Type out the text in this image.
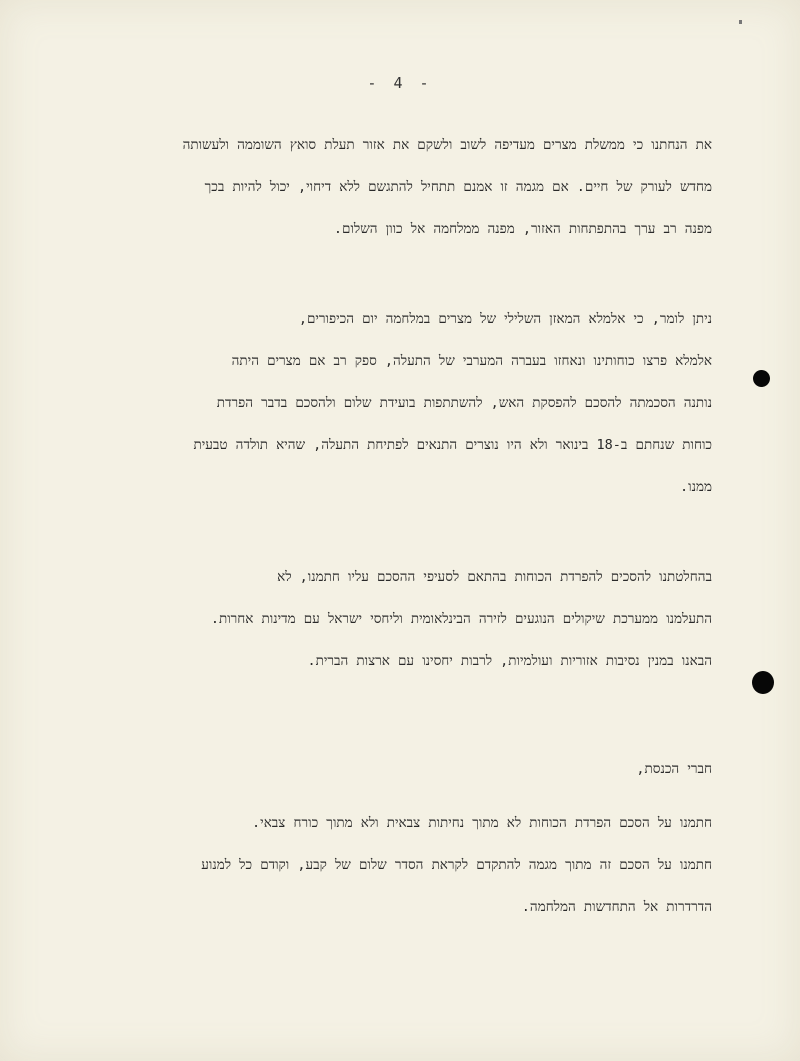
- 4 -
את הנחתנו כי ממשלת מצרים מעדיפה לשוב ולשקם את אזור תעלת סואץ השוממה ולעשותה
מחדש לעורק של חיים. אם מגמה זו אמנם תתחיל להתגשם ללא דיחוי, יכול להיות בכך
מפנה רב ערך בהתפתחות האזור, מפנה ממלחמה אל כוון השלום.
ניתן לומר, כי אלמלא המאזן השלילי של מצרים במלחמה יום הכיפורים,
אלמלא פרצו כוחותינו ונאחזו בעברה המערבי של התעלה, ספק רב אם מצרים היתה
נותנה הסכמתה להסכם להפסקת האש, להשתתפות בועידת שלום ולהסכם בדבר הפרדת
כוחות שנחתם ב-18 בינואר ולא היו נוצרים התנאים לפתיחת התעלה, שהיא תולדה טבעית
ממנו.
בהחלטתנו להסכים להפרדת הכוחות בהתאם לסעיפי ההסכם עליו חתמנו, לא
התעלמנו ממערכת שיקולים הנוגעים לזירה הבינלאומית וליחסי ישראל עם מדינות אחרות.
הבאנו במנין נסיבות אזוריות ועולמיות, לרבות יחסינו עם ארצות הברית.
חברי הכנסת,
חתמנו על הסכם הפרדת הכוחות לא מתוך נחיתות צבאית ולא מתוך כורח צבאי.
חתמנו על הסכם זה מתוך מגמה להתקדם לקראת הסדר שלום של קבע, וקודם כל למנוע
הדרדרות אל התחדשות המלחמה.
